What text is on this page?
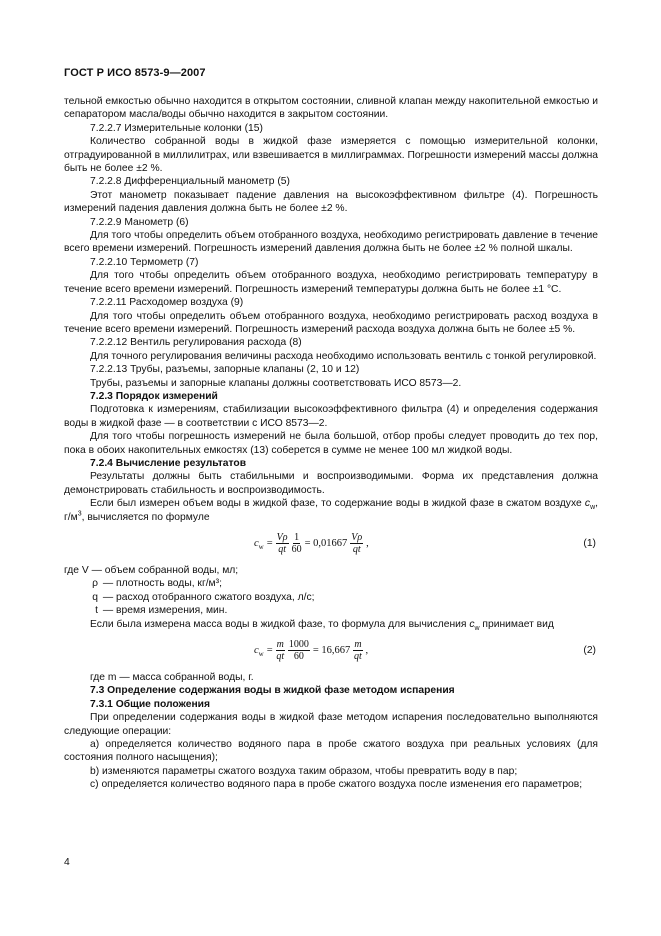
ГОСТ Р ИСО 8573-9—2007

тельной емкостью обычно находится в открытом состоянии, сливной клапан между накопительной емкостью и сепаратором масла/воды обычно находится в закрытом состоянии.

7.2.2.7 Измерительные колонки (15)

Количество собранной воды в жидкой фазе измеряется с помощью измерительной колонки, отградуированной в миллилитрах, или взвешивается в миллиграммах. Погрешности измерений массы должна быть не более ±2 %.

7.2.2.8 Дифференциальный манометр (5)

Этот манометр показывает падение давления на высокоэффективном фильтре (4). Погрешность измерений падения давления должна быть не более ±2 %.

7.2.2.9 Манометр (6)

Для того чтобы определить объем отобранного воздуха, необходимо регистрировать давление в течение всего времени измерений. Погрешность измерений давления должна быть не более ±2 % полной шкалы.

7.2.2.10 Термометр (7)

Для того чтобы определить объем отобранного воздуха, необходимо регистрировать температуру в течение всего времени измерений. Погрешность измерений температуры должна быть не более ±1 °С.

7.2.2.11 Расходомер воздуха (9)

Для того чтобы определить объем отобранного воздуха, необходимо регистрировать расход воздуха в течение всего времени измерений. Погрешность измерений расхода воздуха должна быть не более ±5 %.

7.2.2.12 Вентиль регулирования расхода (8)

Для точного регулирования величины расхода необходимо использовать вентиль с тонкой регулировкой.

7.2.2.13 Трубы, разъемы, запорные клапаны (2, 10 и 12)

Трубы, разъемы и запорные клапаны должны соответствовать ИСО 8573—2.

7.2.3 Порядок измерений

Подготовка к измерениям, стабилизации высокоэффективного фильтра (4) и определения содержания воды в жидкой фазе — в соответствии с ИСО 8573—2.

Для того чтобы погрешность измерений не была большой, отбор пробы следует проводить до тех пор, пока в обоих накопительных емкостях (13) соберется в сумме не менее 100 мл жидкой воды.

7.2.4 Вычисление результатов

Результаты должны быть стабильными и воспроизводимыми. Форма их представления должна демонстрировать стабильность и воспроизводимость.

Если был измерен объем воды в жидкой фазе, то содержание воды в жидкой фазе в сжатом воздухе $c_w$, $г/м^3$, вычисляется по формуле

$c_w = \frac{V\rho}{qt} \frac{1}{60} = 0,01667 \frac{V\rho}{qt}$ ,	(1)
где V — объем собранной воды, мл;
ρ — плотность воды, кг/м³;
q — расход отобранного сжатого воздуха, л/с;
t — время измерения, мин.

Если была измерена масса воды в жидкой фазе, то формула для вычисления $c_w$ принимает вид

$c_w = \frac{m}{qt} \frac{1000}{60} = 16,667 \frac{m}{qt}$ ,	(2)

где m — масса собранной воды, г.

7.3 Определение содержания воды в жидкой фазе методом испарения

7.3.1 Общие положения

При определении содержания воды в жидкой фазе методом испарения последовательно выполняются следующие операции:

а) определяется количество водяного пара в пробе сжатого воздуха при реальных условиях (для состояния полного насыщения);

b) изменяются параметры сжатого воздуха таким образом, чтобы превратить воду в пар;

с) определяется количество водяного пара в пробе сжатого воздуха после изменения его параметров;

4
